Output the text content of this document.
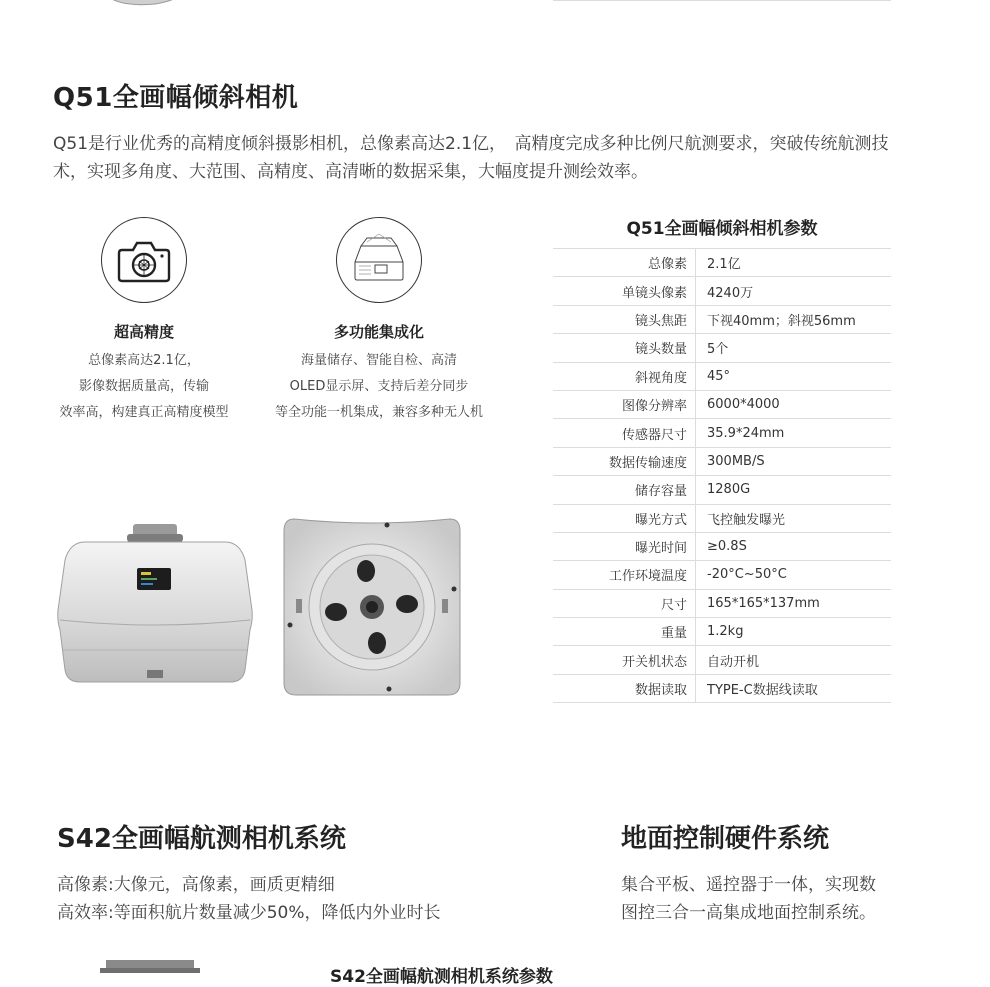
Q51全画幅倾斜相机
Q51是行业优秀的高精度倾斜摄影相机，总像素高达2.1亿，　高精度完成多种比例尺航测要求，突破传统航测技术，实现多角度、大范围、高精度、高清晰的数据采集，大幅度提升测绘效率。
超高精度
总像素高达2.1亿，
影像数据质量高，传输
效率高，构建真正高精度模型
多功能集成化
海量储存、智能自检、高清
OLED显示屏、支持后差分同步
等全功能一机集成，兼容多种无人机
Q51全画幅倾斜相机参数
总像素	2.1亿
单镜头像素	4240万
镜头焦距	下视40mm；斜视56mm
镜头数量	5个
斜视角度	45°
图像分辨率	6000*4000
传感器尺寸	35.9*24mm
数据传输速度	300MB/S
储存容量	1280G
曝光方式	飞控触发曝光
曝光时间	≥0.8S
工作环境温度	-20°C~50°C
尺寸	165*165*137mm
重量	1.2kg
开关机状态	自动开机
数据读取	TYPE-C数据线读取
S42全画幅航测相机系统
高像素:大像元，高像素，画质更精细
高效率:等面积航片数量减少50%，降低内外业时长
S42全画幅航测相机系统参数
地面控制硬件系统
集合平板、遥控器于一体，实现数
图控三合一高集成地面控制系统。
